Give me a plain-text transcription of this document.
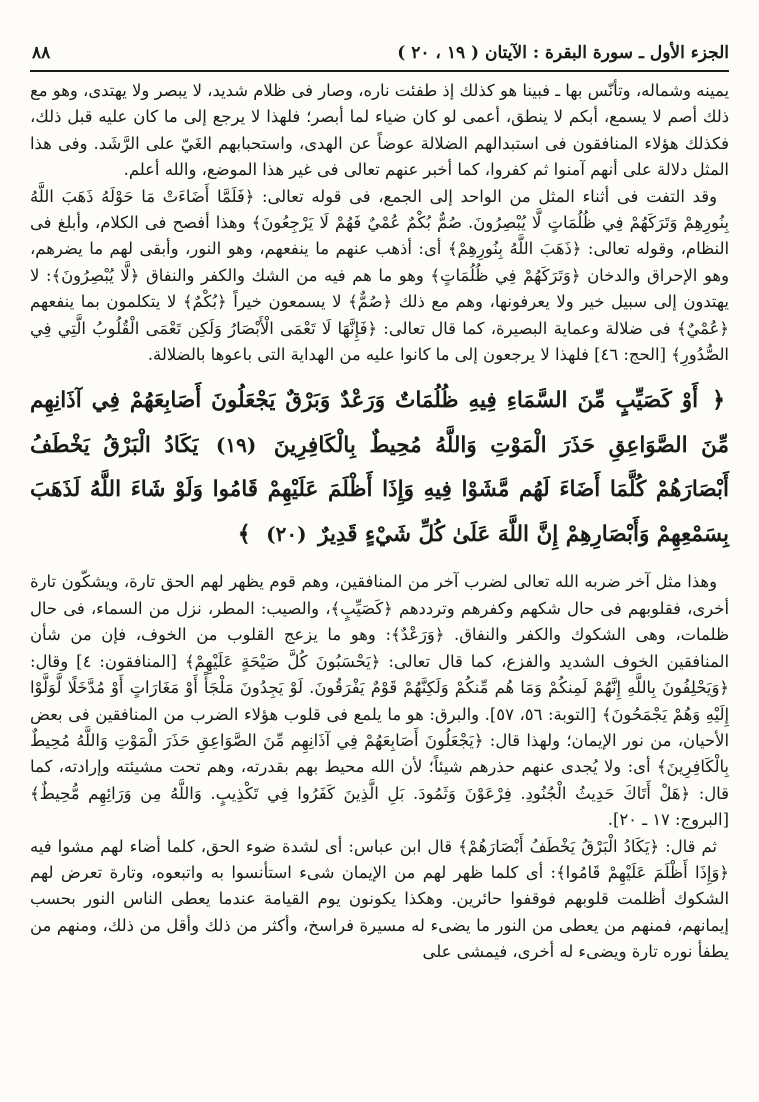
٨٨	الجزء الأول ـ سورة البقرة : الآيتان ( ١٩ ، ٢٠ )

يمينه وشماله، وتأنّس بها ـ فبينا هو كذلك إذ طفئت ناره، وصار فى ظلام شديد، لا يبصر ولا يهتدى، وهو مع ذلك أصم لا يسمع، أبكم لا ينطق، أعمى لو كان ضياء لما أبصر؛ فلهذا لا يرجع إلى ما كان عليه قبل ذلك، فكذلك هؤلاء المنافقون فى استبدالهم الضلالة عوضاً عن الهدى، واستحبابهم الغَيّ على الرَّشَد. وفى هذا المثل دلالة على أنهم آمنوا ثم كفروا، كما أخبر عنهم تعالى فى غير هذا الموضع، والله أعلم.

وقد التفت فى أثناء المثل من الواحد إلى الجمع، فى قوله تعالى: ﴿فَلَمَّا أَضَاءَتْ مَا حَوْلَهُ ذَهَبَ اللَّهُ بِنُورِهِمْ وَتَرَكَهُمْ فِي ظُلُمَاتٍ لَّا يُبْصِرُونَ. صُمٌّ بُكْمٌ عُمْيٌ فَهُمْ لَا يَرْجِعُونَ﴾ وهذا أفصح فى الكلام، وأبلغ فى النظام، وقوله تعالى: ﴿ذَهَبَ اللَّهُ بِنُورِهِمْ﴾ أى: أذهب عنهم ما ينفعهم، وهو النور، وأبقى لهم ما يضرهم، وهو الإحراق والدخان ﴿وَتَرَكَهُمْ فِي ظُلُمَاتٍ﴾ وهو ما هم فيه من الشك والكفر والنفاق ﴿لَّا يُبْصِرُونَ﴾: لا يهتدون إلى سبيل خير ولا يعرفونها، وهم مع ذلك ﴿صُمٌّ﴾ لا يسمعون خيراً ﴿بُكْمٌ﴾ لا يتكلمون بما ينفعهم ﴿عُمْيٌ﴾ فى ضلالة وعماية البصيرة، كما قال تعالى: ﴿فَإِنَّهَا لَا تَعْمَى الْأَبْصَارُ وَلَكِن تَعْمَى الْقُلُوبُ الَّتِي فِي الصُّدُورِ﴾ [الحج: ٤٦] فلهذا لا يرجعون إلى ما كانوا عليه من الهداية التى باعوها بالضلالة.

﴿ أَوْ كَصَيِّبٍ مِّنَ السَّمَاءِ فِيهِ ظُلُمَاتٌ وَرَعْدٌ وَبَرْقٌ يَجْعَلُونَ أَصَابِعَهُمْ فِي آذَانِهِم مِّنَ الصَّوَاعِقِ حَذَرَ الْمَوْتِ وَاللَّهُ مُحِيطٌ بِالْكَافِرِينَ (١٩) يَكَادُ الْبَرْقُ يَخْطَفُ أَبْصَارَهُمْ كُلَّمَا أَضَاءَ لَهُم مَّشَوْا فِيهِ وَإِذَا أَظْلَمَ عَلَيْهِمْ قَامُوا وَلَوْ شَاءَ اللَّهُ لَذَهَبَ بِسَمْعِهِمْ وَأَبْصَارِهِمْ إِنَّ اللَّهَ عَلَىٰ كُلِّ شَيْءٍ قَدِيرٌ (٢٠) ﴾

وهذا مثل آخر ضربه الله تعالى لضرب آخر من المنافقين، وهم قوم يظهر لهم الحق تارة، ويشكّون تارة أخرى، فقلوبهم فى حال شكهم وكفرهم وترددهم ﴿كَصَيِّبٍ﴾، والصيب: المطر، نزل من السماء، فى حال ظلمات، وهى الشكوك والكفر والنفاق. ﴿وَرَعْدٌ﴾: وهو ما يزعج القلوب من الخوف، فإن من شأن المنافقين الخوف الشديد والفزع، كما قال تعالى: ﴿يَحْسَبُونَ كُلَّ صَيْحَةٍ عَلَيْهِمْ﴾ [المنافقون: ٤] وقال: ﴿وَيَحْلِفُونَ بِاللَّهِ إِنَّهُمْ لَمِنكُمْ وَمَا هُم مِّنكُمْ وَلَكِنَّهُمْ قَوْمٌ يَفْرَقُونَ. لَوْ يَجِدُونَ مَلْجَأً أَوْ مَغَارَاتٍ أَوْ مُدَّخَلًا لَّوَلَّوْا إِلَيْهِ وَهُمْ يَجْمَحُونَ﴾ [التوبة: ٥٦، ٥٧]. والبرق: هو ما يلمع فى قلوب هؤلاء الضرب من المنافقين فى بعض الأحيان، من نور الإيمان؛ ولهذا قال: ﴿يَجْعَلُونَ أَصَابِعَهُمْ فِي آذَانِهِم مِّنَ الصَّوَاعِقِ حَذَرَ الْمَوْتِ وَاللَّهُ مُحِيطٌ بِالْكَافِرِينَ﴾ أى: ولا يُجدى عنهم حذرهم شيئاً؛ لأن الله محيط بهم بقدرته، وهم تحت مشيئته وإرادته، كما قال: ﴿هَلْ أَتَاكَ حَدِيثُ الْجُنُودِ. فِرْعَوْنَ وَثَمُودَ. بَلِ الَّذِينَ كَفَرُوا فِي تَكْذِيبٍ. وَاللَّهُ مِن وَرَائِهِم مُّحِيطٌ﴾ [البروج: ١٧ ـ ٢٠].

ثم قال: ﴿يَكَادُ الْبَرْقُ يَخْطَفُ أَبْصَارَهُمْ﴾ قال ابن عباس: أى لشدة ضوء الحق، كلما أضاء لهم مشوا فيه ﴿وَإِذَا أَظْلَمَ عَلَيْهِمْ قَامُوا﴾: أى كلما ظهر لهم من الإيمان شىء استأنسوا به واتبعوه، وتارة تعرض لهم الشكوك أظلمت قلوبهم فوقفوا حائرين. وهكذا يكونون يوم القيامة عندما يعطى الناس النور بحسب إيمانهم، فمنهم من يعطى من النور ما يضىء له مسيرة فراسخ، وأكثر من ذلك وأقل من ذلك، ومنهم من يطفأ نوره تارة ويضىء له أخرى، فيمشى على
